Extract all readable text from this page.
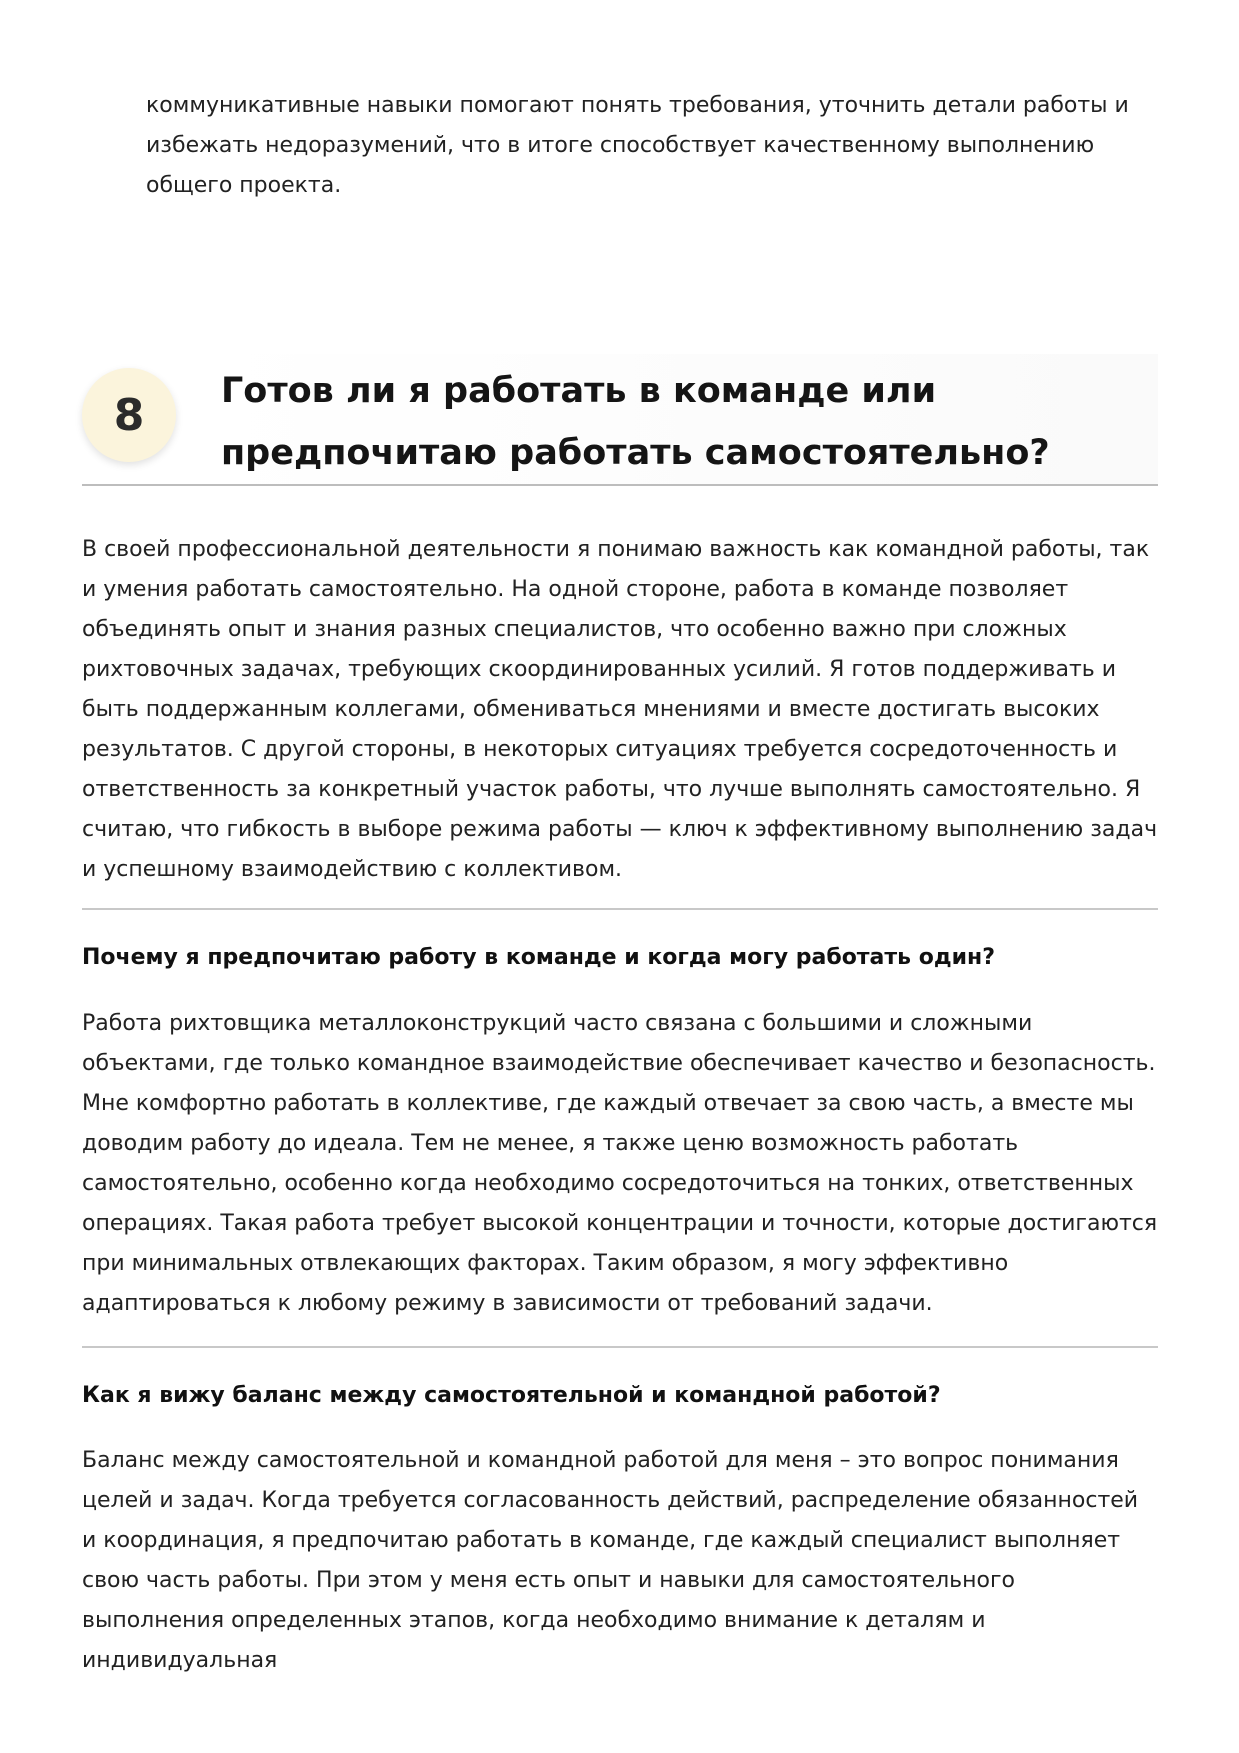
коммуникативные навыки помогают понять требования, уточнить детали работы и избежать недоразумений, что в итоге способствует качественному выполнению общего проекта.

8	Готов ли я работать в команде или предпочитаю работать самостоятельно?

В своей профессиональной деятельности я понимаю важность как командной работы, так и умения работать самостоятельно. На одной стороне, работа в команде позволяет объединять опыт и знания разных специалистов, что особенно важно при сложных рихтовочных задачах, требующих скоординированных усилий. Я готов поддерживать и быть поддержанным коллегами, обмениваться мнениями и вместе достигать высоких результатов. С другой стороны, в некоторых ситуациях требуется сосредоточенность и ответственность за конкретный участок работы, что лучше выполнять самостоятельно. Я считаю, что гибкость в выборе режима работы — ключ к эффективному выполнению задач и успешному взаимодействию с коллективом.

Почему я предпочитаю работу в команде и когда могу работать один?

Работа рихтовщика металлоконструкций часто связана с большими и сложными объектами, где только командное взаимодействие обеспечивает качество и безопасность. Мне комфортно работать в коллективе, где каждый отвечает за свою часть, а вместе мы доводим работу до идеала. Тем не менее, я также ценю возможность работать самостоятельно, особенно когда необходимо сосредоточиться на тонких, ответственных операциях. Такая работа требует высокой концентрации и точности, которые достигаются при минимальных отвлекающих факторах. Таким образом, я могу эффективно адаптироваться к любому режиму в зависимости от требований задачи.

Как я вижу баланс между самостоятельной и командной работой?

Баланс между самостоятельной и командной работой для меня – это вопрос понимания целей и задач. Когда требуется согласованность действий, распределение обязанностей и координация, я предпочитаю работать в команде, где каждый специалист выполняет свою часть работы. При этом у меня есть опыт и навыки для самостоятельного выполнения определенных этапов, когда необходимо внимание к деталям и индивидуальная
